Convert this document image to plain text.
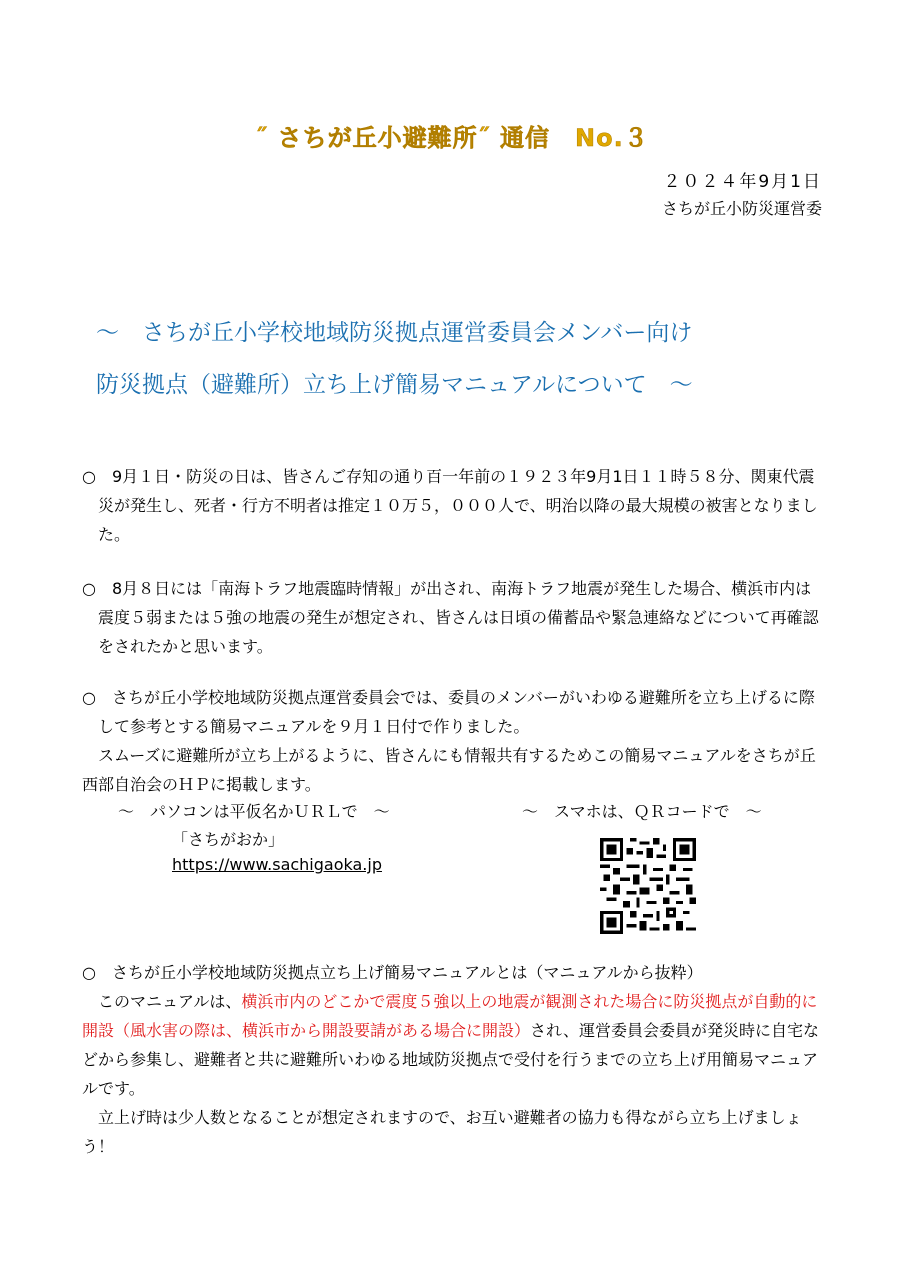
˝ さちが丘小避難所˝ 通信　No.３
２０２４年9月1日
さちが丘小防災運営委
～　さちが丘小学校地域防災拠点運営委員会メンバー向け
防災拠点（避難所）立ち上げ簡易マニュアルについて　～

○　9月１日・防災の日は、皆さんご存知の通り百一年前の１９２３年9月1日１１時５８分、関東代震災が発生し、死者・行方不明者は推定１０万５，０００人で、明治以降の最大規模の被害となりました。

○　8月８日には「南海トラフ地震臨時情報」が出され、南海トラフ地震が発生した場合、横浜市内は震度５弱または５強の地震の発生が想定され、皆さんは日頃の備蓄品や緊急連絡などについて再確認をされたかと思います。

○　さちが丘小学校地域防災拠点運営委員会では、委員のメンバーがいわゆる避難所を立ち上げるに際して参考とする簡易マニュアルを９月１日付で作りました。

スムーズに避難所が立ち上がるように、皆さんにも情報共有するためこの簡易マニュアルをさちが丘西部自治会のＨＰに掲載します。

～　パソコンは平仮名かＵＲＬで　～	～　スマホは、ＱＲコードで　～
「さちがおか」
https://www.sachigaoka.jp

○　さちが丘小学校地域防災拠点立ち上げ簡易マニュアルとは（マニュアルから抜粋）

このマニュアルは、横浜市内のどこかで震度５強以上の地震が観測された場合に防災拠点が自動的に開設（風水害の際は、横浜市から開設要請がある場合に開設）され、運営委員会委員が発災時に自宅などから参集し、避難者と共に避難所いわゆる地域防災拠点で受付を行うまでの立ち上げ用簡易マニュアルです。

立上げ時は少人数となることが想定されますので、お互い避難者の協力も得ながら立ち上げましょう！
